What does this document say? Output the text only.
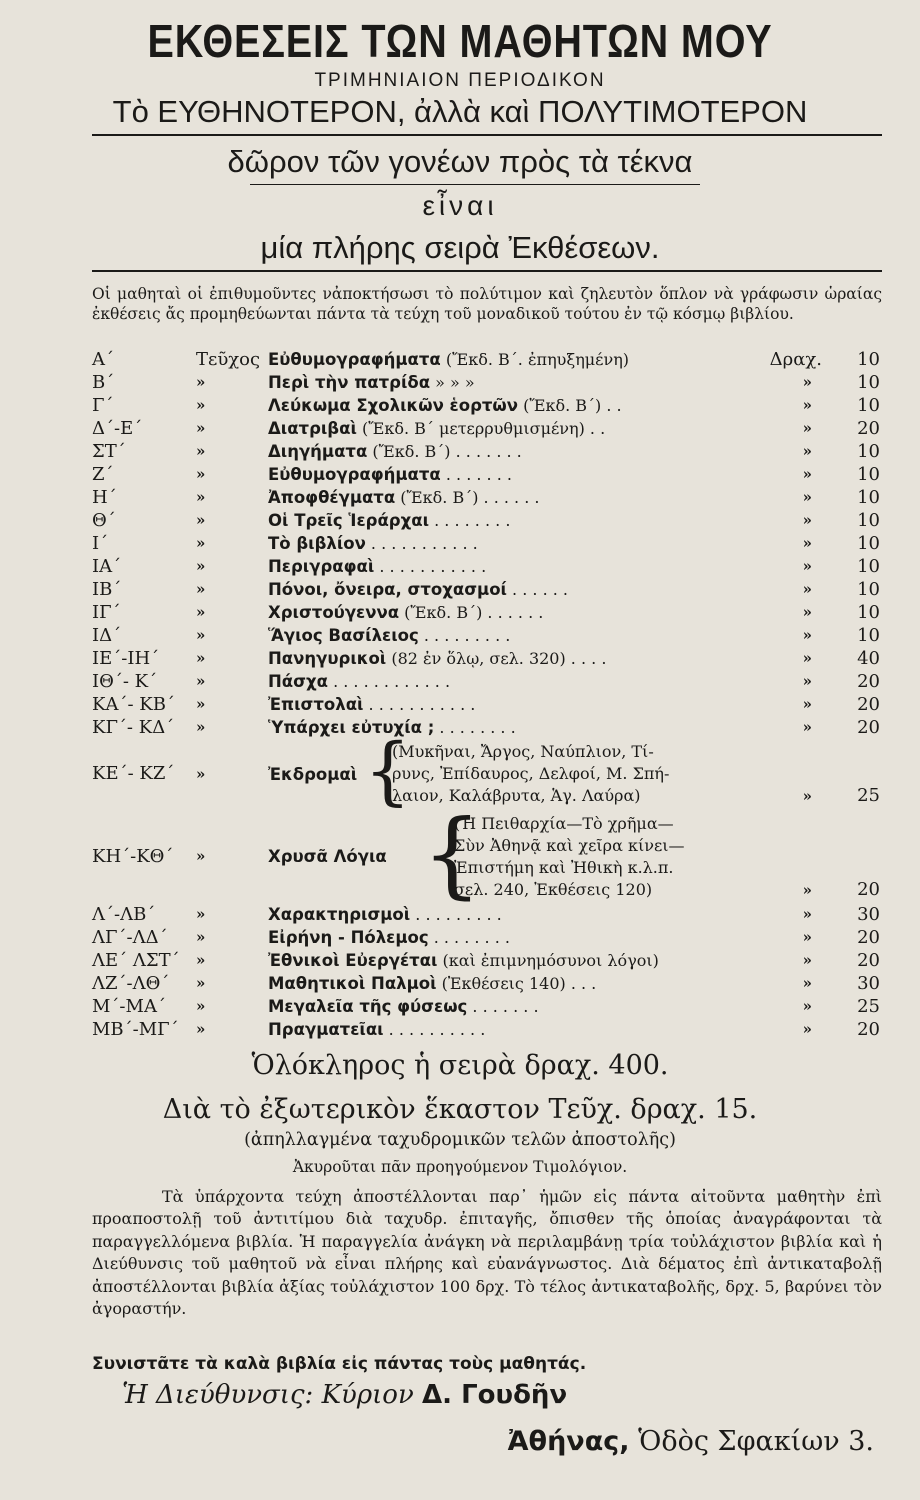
ΕΚΘΕΣΕΙΣ ΤΩΝ ΜΑΘΗΤΩΝ ΜΟΥ
ΤΡΙΜΗΝΙΑΙΟΝ ΠΕΡΙΟΔΙΚΟΝ
Τὸ ΕΥΘΗΝΟΤΕΡΟΝ, ἀλλὰ καὶ ΠΟΛΥΤΙΜΟΤΕΡΟΝ
δῶρον τῶν γονέων πρὸς τὰ τέκνα
εἶναι
μία πλήρης σειρὰ Ἐκθέσεων.
Οἱ μαθηταὶ οἱ ἐπιθυμοῦντες νἀποκτήσωσι τὸ πολύτιμον καὶ ζηλευτὸν ὅπλον νὰ γράφωσιν ὡραίας ἐκθέσεις ἄς προμηθεύωνται πάντα τὰ τεύχη τοῦ μοναδικοῦ τούτου ἐν τῷ κόσμῳ βιβλίου.
Α΄	Τεῦχος Εὐθυμογραφήματα (Ἔκδ. Β΄. ἐπηυξημένη)	Δραχ.	10
Β΄	»	Περὶ τὴν πατρίδα » » »	»	10
Γ΄	»	Λεύκωμα Σχολικῶν ἑορτῶν (Ἔκδ. Β΄) . .	»	10
Δ΄-Ε΄	»	Διατριβαὶ (Ἔκδ. Β΄ μετερρυθμισμένη) . .	»	20
ΣΤ΄	»	Διηγήματα (Ἔκδ. Β΄) . . . . . . .	»	10
Ζ΄	»	Εὐθυμογραφήματα . . . . . . .	»	10
Η΄	»	Ἀποφθέγματα (Ἔκδ. Β΄) . . . . . .	»	10
Θ΄	»	Οἱ Τρεῖς Ἱεράρχαι . . . . . . . .	»	10
Ι΄	»	Τὸ βιβλίον . . . . . . . . . . .	»	10
ΙΑ΄	»	Περιγραφαὶ . . . . . . . . . . .	»	10
ΙΒ΄	»	Πόνοι, ὄνειρα, στοχασμοί . . . . . .	»	10
ΙΓ΄	»	Χριστούγεννα (Ἔκδ. Β΄) . . . . . .	»	10
ΙΔ΄	»	Ἅγιος Βασίλειος . . . . . . . . .	»	10
ΙΕ΄-ΙΗ΄ »	Πανηγυρικοὶ (82 ἐν ὅλῳ, σελ. 320) . . . .	»	40
ΙΘ΄- Κ΄	»	Πάσχα . . . . . . . . . . . .	»	20
ΚΑ΄- ΚΒ΄ »	Ἐπιστολαὶ . . . . . . . . . . .	»	20
ΚΓ΄- ΚΔ΄ »	Ὑπάρχει εὐτυχία ; . . . . . . . .	»	20
ΚΕ΄- ΚΖ΄ »	Ἐκδρομαὶ {
(Μυκῆναι, Ἄργος, Ναύπλιον, Τί-
ρυνς, Ἐπίδαυρος, Δελφοί, Μ. Σπή-
λαιον, Καλάβρυτα, Ἁγ. Λαύρα)	»	25
ΚΗ΄-ΚΘ΄ »	Χρυσᾶ Λόγια {
(Ἡ Πειθαρχία—Τὸ χρῆμα—
Σὺν Ἀθηνᾷ καὶ χεῖρα κίνει—
Ἐπιστήμη καὶ Ἠθικὴ κ.λ.π.
σελ. 240, Ἐκθέσεις 120)	»	20
Λ΄-ΛΒ΄	»	Χαρακτηρισμοὶ . . . . . . . . .	»	30
ΛΓ΄-ΛΔ΄ »	Εἰρήνη - Πόλεμος . . . . . . . .	»	20
ΛΕ΄ ΛΣΤ΄ »	Ἐθνικοὶ Εὐεργέται (καὶ ἐπιμνημόσυνοι λόγοι)	»	20
ΛΖ΄-ΛΘ΄ »	Μαθητικοὶ Παλμοὶ (Ἐκθέσεις 140) . . .	»	30
Μ΄-ΜΑ΄ »	Μεγαλεῖα τῆς φύσεως . . . . . . .	»	25
ΜΒ΄-ΜΓ΄ »	Πραγματεῖαι . . . . . . . . . .	»	20
Ὁλόκληρος ἡ σειρὰ δραχ. 400.
Διὰ τὸ ἐξωτερικὸν ἕκαστον Τεῦχ. δραχ. 15.
(ἀπηλλαγμένα ταχυδρομικῶν τελῶν ἀποστολῆς)
Ἀκυροῦται πᾶν προηγούμενον Τιμολόγιον.
Τὰ ὑπάρχοντα τεύχη ἀποστέλλονται παρ᾽ ἡμῶν εἰς πάντα αἰτοῦντα μαθητὴν ἐπὶ προαποστολῇ τοῦ ἀντιτίμου διὰ ταχυδρ. ἐπιταγῆς, ὄπισθεν τῆς ὁποίας ἀναγράφονται τὰ παραγγελλόμενα βιβλία. Ἡ παραγγελία ἀνάγκη νὰ περιλαμβάνῃ τρία τοὐλάχιστον βιβλία καὶ ἡ Διεύθυνσις τοῦ μαθητοῦ νὰ εἶναι πλήρης καὶ εὐανάγνωστος. Διὰ δέματος ἐπὶ ἀντικαταβολῇ ἀποστέλλονται βιβλία ἀξίας τοὐλάχιστον 100 δρχ. Τὸ τέλος ἀντικαταβολῆς, δρχ. 5, βαρύνει τὸν ἀγοραστήν.
Συνιστᾶτε τὰ καλὰ βιβλία εἰς πάντας τοὺς μαθητάς.
Ἡ Διεύθυνσις: Κύριον Δ. Γουδῆν
Ἀθήνας, Ὁδὸς Σφακίων 3.
